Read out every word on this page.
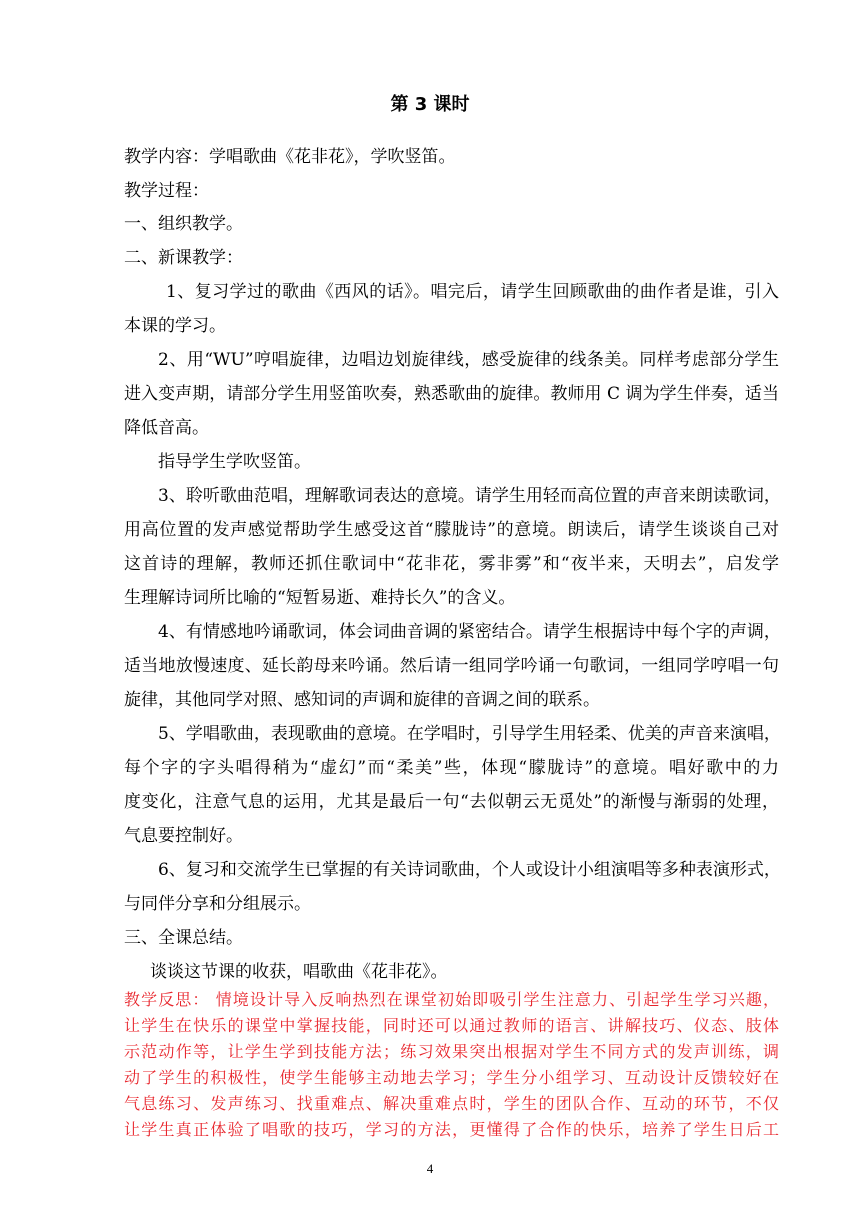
第 3 课时
教学内容：学唱歌曲《花非花》，学吹竖笛。
教学过程：
一、组织教学。
二、新课教学：
1、复习学过的歌曲《西风的话》。唱完后，请学生回顾歌曲的曲作者是谁，引入
本课的学习。
2、用“WU”哼唱旋律，边唱边划旋律线，感受旋律的线条美。同样考虑部分学生
进入变声期，请部分学生用竖笛吹奏，熟悉歌曲的旋律。教师用 C 调为学生伴奏，适当
降低音高。
指导学生学吹竖笛。
3、聆听歌曲范唱，理解歌词表达的意境。请学生用轻而高位置的声音来朗读歌词，
用高位置的发声感觉帮助学生感受这首“朦胧诗”的意境。朗读后，请学生谈谈自己对
这首诗的理解，教师还抓住歌词中“花非花，雾非雾”和“夜半来，天明去”，启发学
生理解诗词所比喻的“短暂易逝、难持长久”的含义。
4、有情感地吟诵歌词，体会词曲音调的紧密结合。请学生根据诗中每个字的声调，
适当地放慢速度、延长韵母来吟诵。然后请一组同学吟诵一句歌词，一组同学哼唱一句
旋律，其他同学对照、感知词的声调和旋律的音调之间的联系。
5、学唱歌曲，表现歌曲的意境。在学唱时，引导学生用轻柔、优美的声音来演唱，
每个字的字头唱得稍为“虚幻”而“柔美”些，体现“朦胧诗”的意境。唱好歌中的力
度变化，注意气息的运用，尤其是最后一句“去似朝云无觅处”的渐慢与渐弱的处理，
气息要控制好。
6、复习和交流学生已掌握的有关诗词歌曲，个人或设计小组演唱等多种表演形式，
与同伴分享和分组展示。
三、全课总结。
谈谈这节课的收获，唱歌曲《花非花》。
教学反思： 情境设计导入反响热烈在课堂初始即吸引学生注意力、引起学生学习兴趣，
让学生在快乐的课堂中掌握技能，同时还可以通过教师的语言、讲解技巧、仪态、肢体
示范动作等，让学生学到技能方法；练习效果突出根据对学生不同方式的发声训练，调
动了学生的积极性，使学生能够主动地去学习；学生分小组学习、互动设计反馈较好在
气息练习、发声练习、找重难点、解决重难点时，学生的团队合作、互动的环节，不仅
让学生真正体验了唱歌的技巧，学习的方法，更懂得了合作的快乐，培养了学生日后工
4
